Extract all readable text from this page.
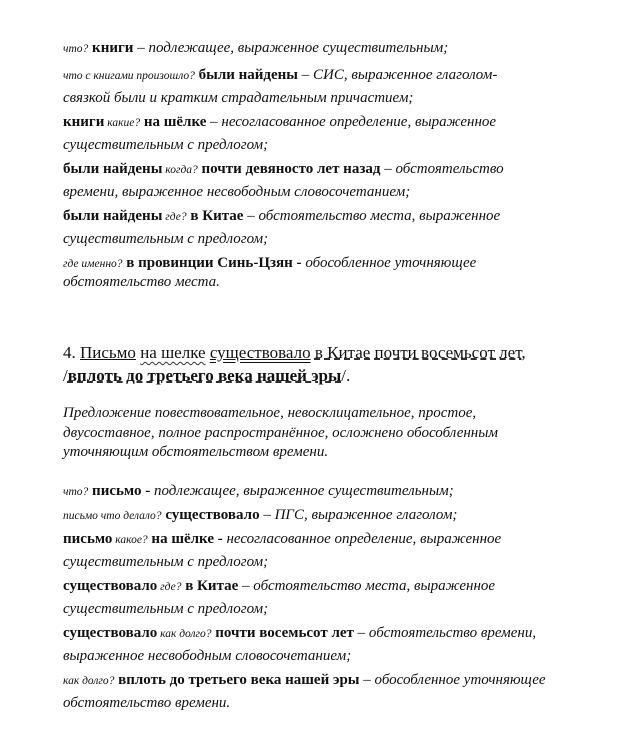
что? книги – подлежащее, выраженное существительным;
что с книгами произошло? были найдены – СИС, выраженное глаголом-
связкой были и кратким страдательным причастием;
книги какие? на шёлке – несогласованное определение, выраженное
существительным с предлогом;
были найдены когда? почти девяносто лет назад – обстоятельство
времени, выраженное несвободным словосочетанием;
были найдены где? в Китае – обстоятельство места, выраженное
существительным с предлогом;
где именно? в провинции Синь-Цзян - обособленное уточняющее
обстоятельство места.
4. Письмо на шелке существовало в Китае почти восемьсот лет,
/вплоть до третьего века нашей эры/.
Предложение повествовательное, невосклицательное, простое,
двусоставное, полное распространённое, осложнено обособленным
уточняющим обстоятельством времени.
что? письмо - подлежащее, выраженное существительным;
письмо что делало? существовало – ПГС, выраженное глаголом;
письмо какое? на шёлке - несогласованное определение, выраженное
существительным с предлогом;
существовало где? в Китае – обстоятельство места, выраженное
существительным с предлогом;
существовало как долго? почти восемьсот лет – обстоятельство времени,
выраженное несвободным словосочетанием;
как долго? вплоть до третьего века нашей эры – обособленное уточняющее
обстоятельство времени.
